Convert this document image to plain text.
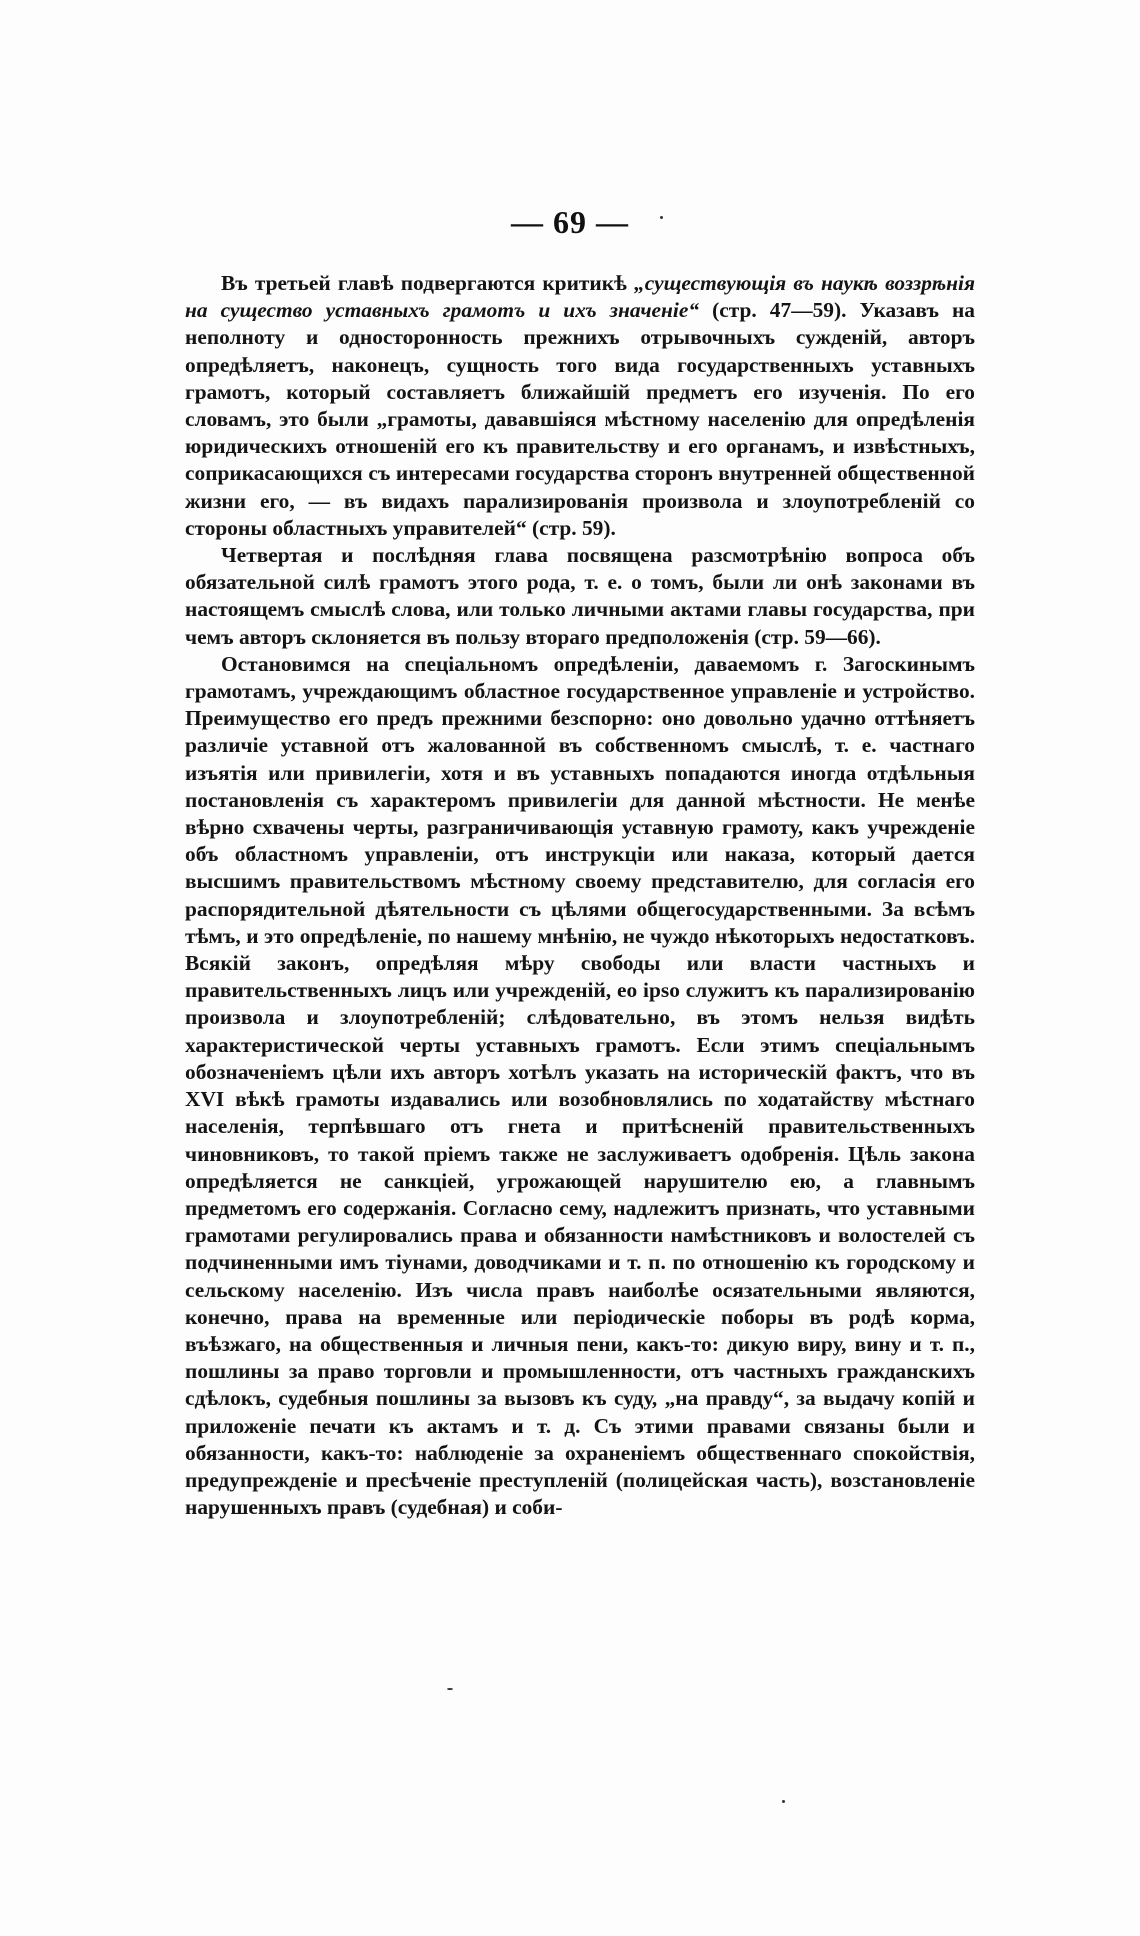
— 69 —

Въ третьей главѣ подвергаются критикѣ „существующія въ наукѣ воззрѣнія на существо уставныхъ грамотъ и ихъ значеніе“ (стр. 47—59). Указавъ на неполноту и односторонность прежнихъ отрывочныхъ сужденій, авторъ опредѣляетъ, наконецъ, сущность того вида государственныхъ уставныхъ грамотъ, который составляетъ ближайшій предметъ его изученія. По его словамъ, это были „грамоты, дававшіяся мѣстному населенію для опредѣленія юридическихъ отношеній его къ правительству и его органамъ, и извѣстныхъ, соприкасающихся съ интересами государства сторонъ внутренней общественной жизни его, — въ видахъ парализированія произвола и злоупотребленій со стороны областныхъ управителей“ (стр. 59).

Четвертая и послѣдняя глава посвящена разсмотрѣнію вопроса объ обязательной силѣ грамотъ этого рода, т. е. о томъ, были ли онѣ законами въ настоящемъ смыслѣ слова, или только личными актами главы государства, при чемъ авторъ склоняется въ пользу втораго предположенія (стр. 59—66).

Остановимся на спеціальномъ опредѣленіи, даваемомъ г. Загоскинымъ грамотамъ, учреждающимъ областное государственное управленіе и устройство. Преимущество его предъ прежними безспорно: оно довольно удачно оттѣняетъ различіе уставной отъ жалованной въ собственномъ смыслѣ, т. е. частнаго изъятія или привилегіи, хотя и въ уставныхъ попадаются иногда отдѣльныя постановленія съ характеромъ привилегіи для данной мѣстности. Не менѣе вѣрно схвачены черты, разграничивающія уставную грамоту, какъ учрежденіе объ областномъ управленіи, отъ инструкціи или наказа, который дается высшимъ правительствомъ мѣстному своему представителю, для согласія его распорядительной дѣятельности съ цѣлями общегосударственными. За всѣмъ тѣмъ, и это опредѣленіе, по нашему мнѣнію, не чуждо нѣкоторыхъ недостатковъ. Всякій законъ, опредѣляя мѣру свободы или власти частныхъ и правительственныхъ лицъ или учрежденій, eo ipso служитъ къ парализированію произвола и злоупотребленій; слѣдовательно, въ этомъ нельзя видѣть характеристической черты уставныхъ грамотъ. Если этимъ спеціальнымъ обозначеніемъ цѣли ихъ авторъ хотѣлъ указать на историческій фактъ, что въ XVI вѣкѣ грамоты издавались или возобновлялись по ходатайству мѣстнаго населенія, терпѣвшаго отъ гнета и притѣсненій правительственныхъ чиновниковъ, то такой пріемъ также не заслуживаетъ одобренія. Цѣль закона опредѣляется не санкціей, угрожающей нарушителю ею, а главнымъ предметомъ его содержанія. Согласно сему, надлежитъ признать, что уставными грамотами регулировались права и обязанности намѣстниковъ и волостелей съ подчиненными имъ тіунами, доводчиками и т. п. по отношенію къ городскому и сельскому населенію. Изъ числа правъ наиболѣе осязательными являются, конечно, права на временные или періодическіе поборы въ родѣ корма, въѣзжаго, на общественныя и личныя пени, какъ-то: дикую виру, вину и т. п., пошлины за право торговли и промышленности, отъ частныхъ гражданскихъ сдѣлокъ, судебныя пошлины за вызовъ къ суду, „на правду“, за выдачу копій и приложеніе печати къ актамъ и т. д. Съ этими правами связаны были и обязанности, какъ-то: наблюденіе за охраненіемъ общественнаго спокойствія, предупрежденіе и пресѣченіе преступленій (полицейская часть), возстановленіе нарушенныхъ правъ (судебная) и соби-
